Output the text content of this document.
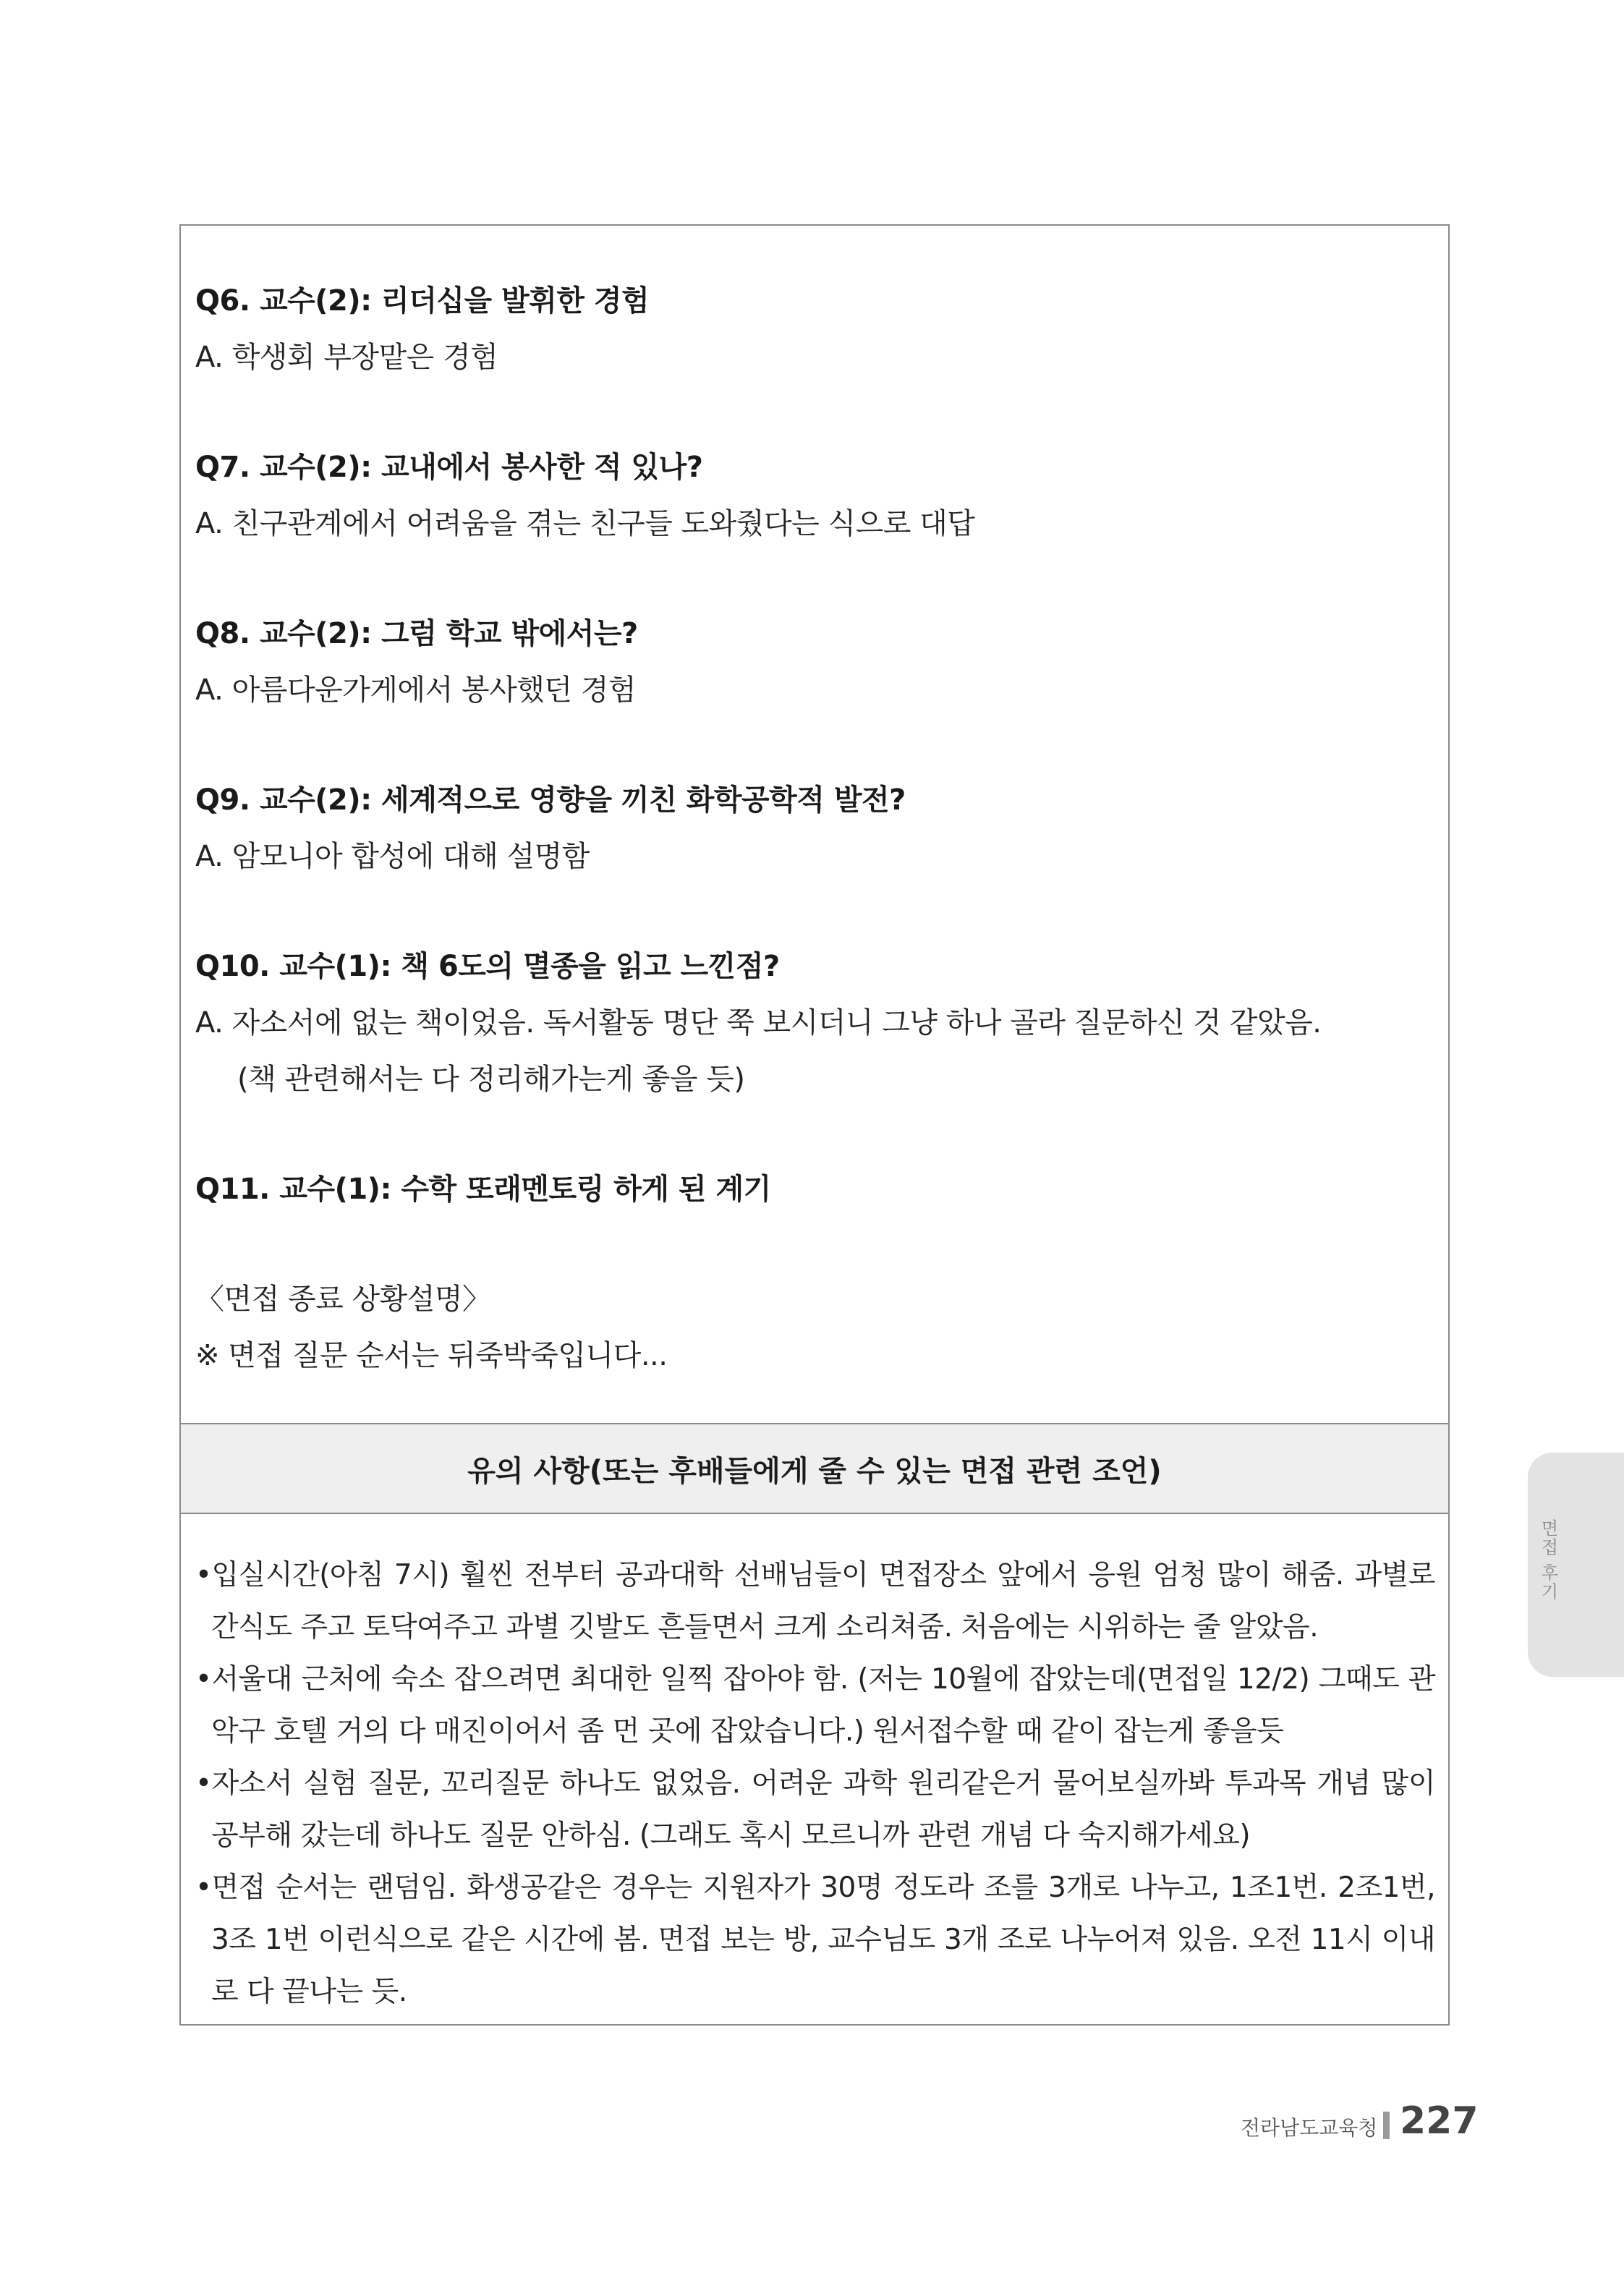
Q6. 교수(2): 리더십을 발휘한 경험
A. 학생회 부장맡은 경험
Q7. 교수(2): 교내에서 봉사한 적 있나?
A. 친구관계에서 어려움을 겪는 친구들 도와줬다는 식으로 대답
Q8. 교수(2): 그럼 학교 밖에서는?
A. 아름다운가게에서 봉사했던 경험
Q9. 교수(2): 세계적으로 영향을 끼친 화학공학적 발전?
A. 암모니아 합성에 대해 설명함
Q10. 교수(1): 책 6도의 멸종을 읽고 느낀점?
A. 자소서에 없는 책이었음. 독서활동 명단 쭉 보시더니 그냥 하나 골라 질문하신 것 같았음.
(책 관련해서는 다 정리해가는게 좋을 듯)
Q11. 교수(1): 수학 또래멘토링 하게 된 계기
〈면접 종료 상황설명〉
※ 면접 질문 순서는 뒤죽박죽입니다...
유의 사항(또는 후배들에게 줄 수 있는 면접 관련 조언)
•입실시간(아침 7시) 훨씬 전부터 공과대학 선배님들이 면접장소 앞에서 응원 엄청 많이 해줌. 과별로 간식도 주고 토닥여주고 과별 깃발도 흔들면서 크게 소리쳐줌. 처음에는 시위하는 줄 알았음.
•서울대 근처에 숙소 잡으려면 최대한 일찍 잡아야 함. (저는 10월에 잡았는데(면접일 12/2) 그때도 관악구 호텔 거의 다 매진이어서 좀 먼 곳에 잡았습니다.) 원서접수할 때 같이 잡는게 좋을듯
•자소서 실험 질문, 꼬리질문 하나도 없었음. 어려운 과학 원리같은거 물어보실까봐 투과목 개념 많이 공부해 갔는데 하나도 질문 안하심. (그래도 혹시 모르니까 관련 개념 다 숙지해가세요)
•면접 순서는 랜덤임. 화생공같은 경우는 지원자가 30명 정도라 조를 3개로 나누고, 1조1번. 2조1번, 3조 1번 이런식으로 같은 시간에 봄. 면접 보는 방, 교수님도 3개 조로 나누어져 있음. 오전 11시 이내로 다 끝나는 듯.
면접 후기
전라남도교육청 227
